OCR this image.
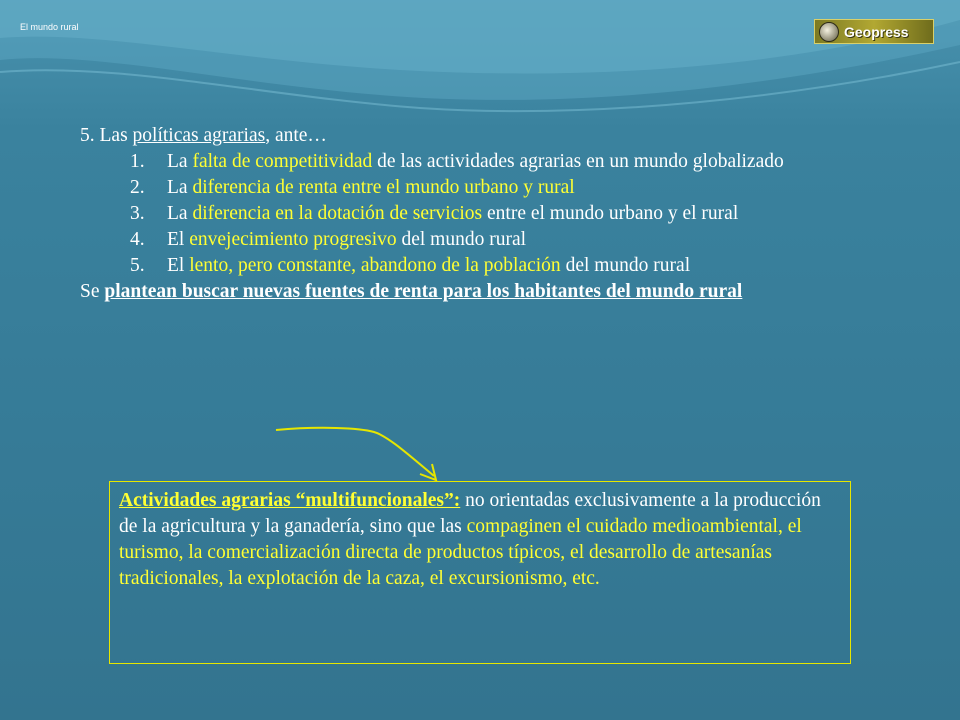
El mundo rural	Geopress

5. Las políticas agrarias, ante…

1. La falta de competitividad de las actividades agrarias en un mundo globalizado
2. La diferencia de renta entre el mundo urbano y rural
3. La diferencia en la dotación de servicios entre el mundo urbano y el rural
4. El envejecimiento progresivo del mundo rural
5. El lento, pero constante, abandono de la población del mundo rural

Se plantean buscar nuevas fuentes de renta para los habitantes del mundo rural

Actividades agrarias “multifuncionales”: no orientadas exclusivamente a la producción de la agricultura y la ganadería, sino que las compaginen el cuidado medioambiental, el turismo, la comercialización directa de productos típicos, el desarrollo de artesanías tradicionales, la explotación de la caza, el excursionismo, etc.
